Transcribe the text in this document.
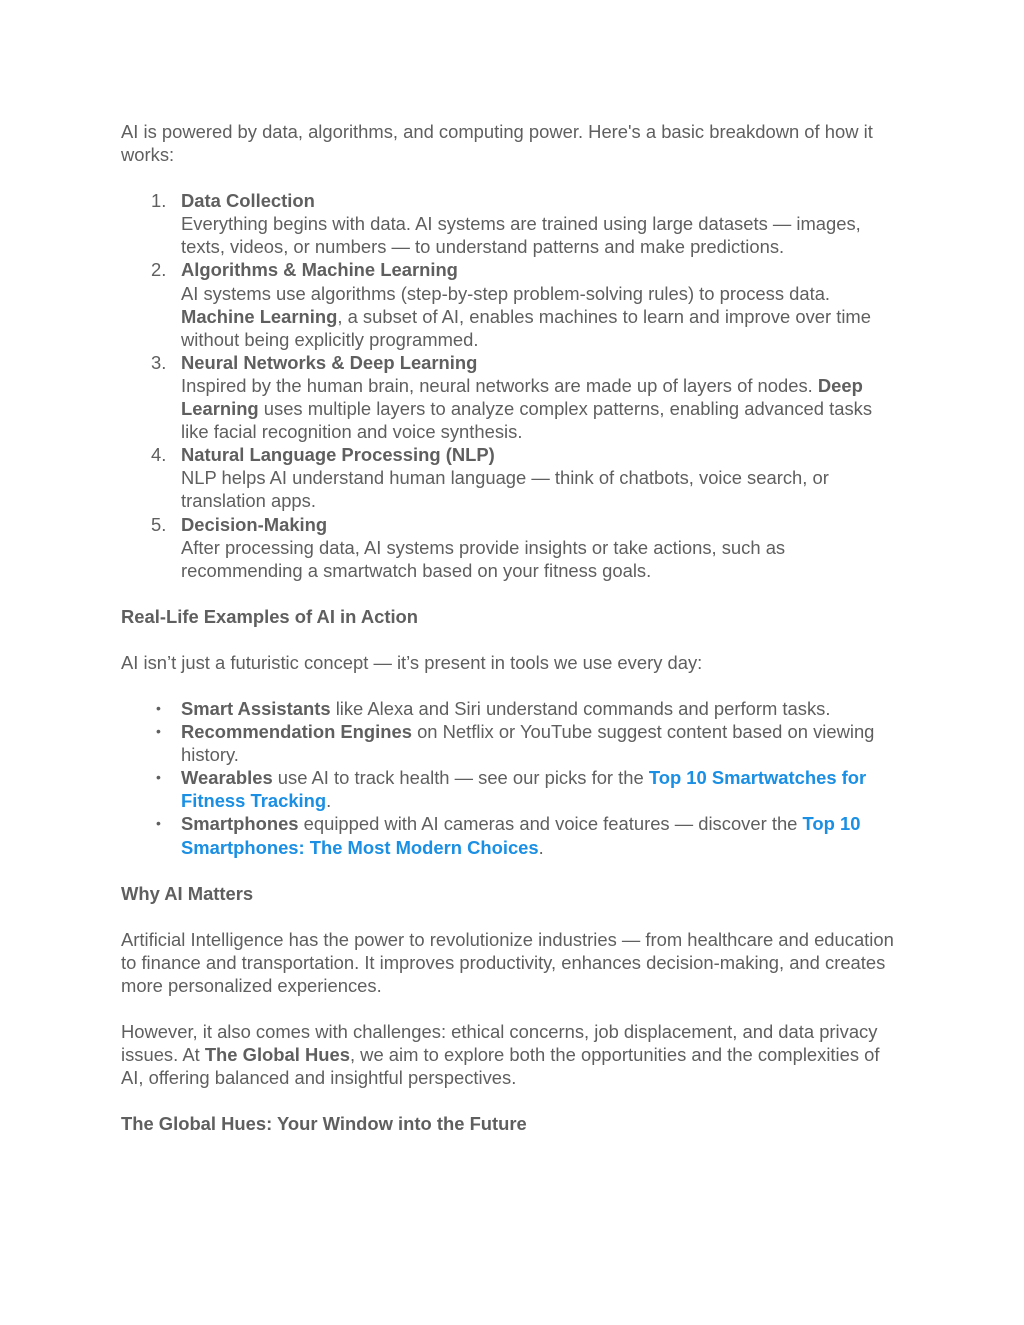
AI is powered by data, algorithms, and computing power. Here's a basic breakdown of how it works:

1. Data Collection
Everything begins with data. AI systems are trained using large datasets — images, texts, videos, or numbers — to understand patterns and make predictions.
2. Algorithms & Machine Learning
AI systems use algorithms (step-by-step problem-solving rules) to process data. Machine Learning, a subset of AI, enables machines to learn and improve over time without being explicitly programmed.
3. Neural Networks & Deep Learning
Inspired by the human brain, neural networks are made up of layers of nodes. Deep Learning uses multiple layers to analyze complex patterns, enabling advanced tasks like facial recognition and voice synthesis.
4. Natural Language Processing (NLP)
NLP helps AI understand human language — think of chatbots, voice search, or translation apps.
5. Decision-Making
After processing data, AI systems provide insights or take actions, such as recommending a smartwatch based on your fitness goals.
Real-Life Examples of AI in Action

AI isn’t just a futuristic concept — it’s present in tools we use every day:

• Smart Assistants like Alexa and Siri understand commands and perform tasks.
• Recommendation Engines on Netflix or YouTube suggest content based on viewing history.
• Wearables use AI to track health — see our picks for the Top 10 Smartwatches for Fitness Tracking.
• Smartphones equipped with AI cameras and voice features — discover the Top 10 Smartphones: The Most Modern Choices.
Why AI Matters

Artificial Intelligence has the power to revolutionize industries — from healthcare and education to finance and transportation. It improves productivity, enhances decision-making, and creates more personalized experiences.

However, it also comes with challenges: ethical concerns, job displacement, and data privacy issues. At The Global Hues, we aim to explore both the opportunities and the complexities of AI, offering balanced and insightful perspectives.

The Global Hues: Your Window into the Future
